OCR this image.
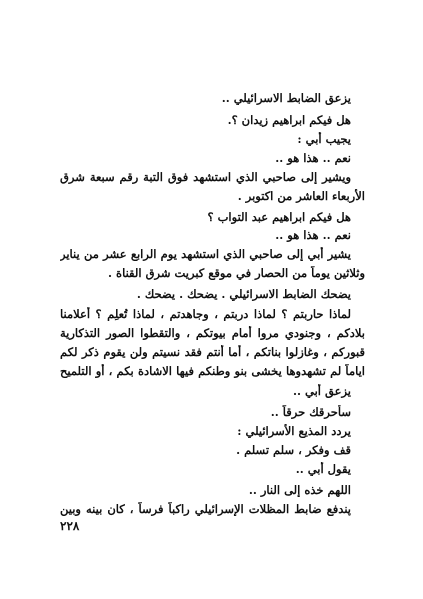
يزعق الضابط الاسرائيلي ..
هل فيكم ابراهيم زيدان ؟.
يجيب أبي :
نعم .. هذا هو ..
ويشير إلى صاحبي الذي استشهد فوق التبة رقم سبعة شرق
الأربعاء العاشر من اكتوبر .
هل فيكم ابراهيم عبد التواب ؟
نعم .. هذا هو ..
يشير أبي إلى صاحبي الذي استشهد يوم الرابع عشر من يناير
وثلاثين يوماً من الحصار في موقع كبريت شرق القناة .
يضحك الضابط الاسرائيلي . يضحك . يضحك .
لماذا حاربتم ؟ لماذا دربتم ، وجاهدتم ، لماذا تُعلِم ؟ أعلامنا
بلادكم ، وجنودي مروا أمام بيوتكم ، والتقطوا الصور التذكارية
قبوركم ، وغازلوا بناتكم ، أما أنتم فقد نسيتم ولن يقوم ذكر لكم
اياماً لم تشهدوها يخشى بنو وطنكم فيها الاشادة بكم ، أو التلميح
يزعق أبي ..
سأحرقك حرقاً ..
يردد المذيع الأسرائيلي :
قف وفكر ، سلم تسلم .
يقول أبي ..
اللهم خذه إلى النار ..
يندفع ضابط المظلات الإسرائيلي راكباً فرساً ، كان بينه وبين
٢٢٨
